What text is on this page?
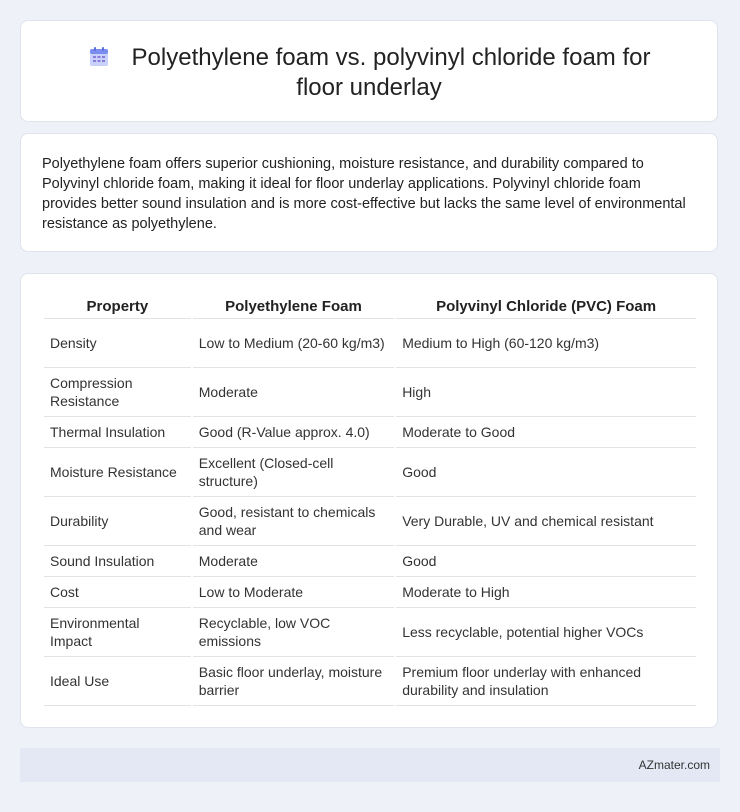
Polyethylene foam vs. polyvinyl chloride foam for floor underlay

Polyethylene foam offers superior cushioning, moisture resistance, and durability compared to Polyvinyl chloride foam, making it ideal for floor underlay applications. Polyvinyl chloride foam provides better sound insulation and is more cost-effective but lacks the same level of environmental resistance as polyethylene.

Property	Polyethylene Foam	Polyvinyl Chloride (PVC) Foam
Density	Low to Medium (20-60 kg/m3)	Medium to High (60-120 kg/m3)
Compression Resistance	Moderate	High
Thermal Insulation	Good (R-Value approx. 4.0)	Moderate to Good
Moisture Resistance	Excellent (Closed-cell structure)	Good
Durability	Good, resistant to chemicals and wear	Very Durable, UV and chemical resistant
Sound Insulation	Moderate	Good
Cost	Low to Moderate	Moderate to High
Environmental Impact	Recyclable, low VOC emissions	Less recyclable, potential higher VOCs
Ideal Use	Basic floor underlay, moisture barrier	Premium floor underlay with enhanced durability and insulation
AZmater.com
